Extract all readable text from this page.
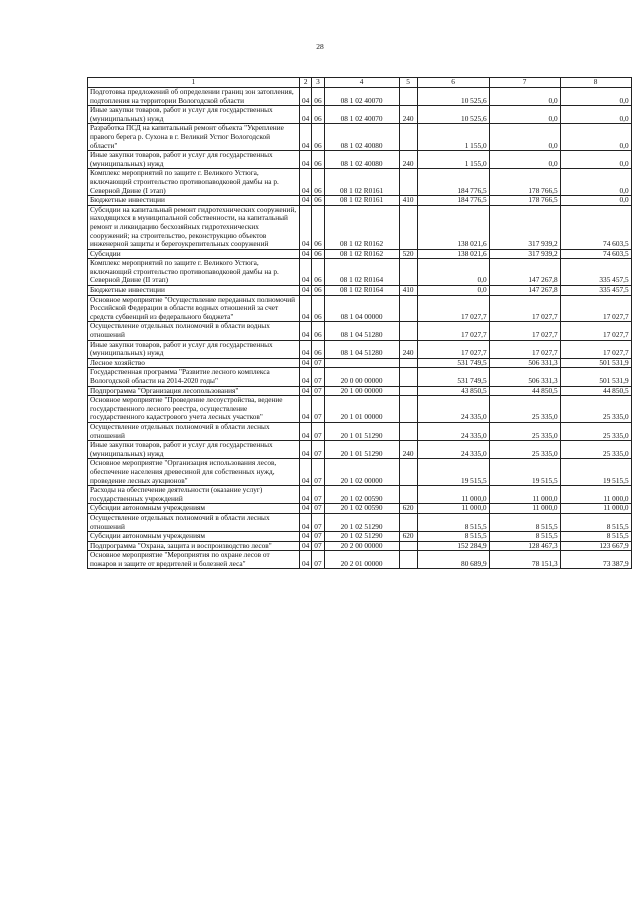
28
1	2	3	4	5	6	7	8
Подготовка предложений об определении границ зон затопления, подтопления на территории Вологодской области	04	06	08 1 02 40070		10 525,6	0,0	0,0
Иные закупки товаров, работ и услуг для государственных (муниципальных) нужд	04	06	08 1 02 40070	240	10 525,6	0,0	0,0
Разработка ПСД на капитальный ремонт объекта "Укрепление правого берега р. Сухона в г. Великий Устюг Вологодской области"	04	06	08 1 02 40080		1 155,0	0,0	0,0
Иные закупки товаров, работ и услуг для государственных (муниципальных) нужд	04	06	08 1 02 40080	240	1 155,0	0,0	0,0
Комплекс мероприятий по защите г. Великого Устюга, включающий строительство противопаводковой дамбы на р. Северной Двине (I этап)	04	06	08 1 02 R0161		184 776,5	178 766,5	0,0
Бюджетные инвестиции	04	06	08 1 02 R0161	410	184 776,5	178 766,5	0,0
Субсидии на капитальный ремонт гидротехнических сооружений, находящихся в муниципальной собственности, на капитальный ремонт и ликвидацию бесхозяйных гидротехнических сооружений; на строительство, реконструкцию объектов инженерной защиты и берегоукрепительных сооружений	04	06	08 1 02 R0162		138 021,6	317 939,2	74 603,5
Субсидии	04	06	08 1 02 R0162	520	138 021,6	317 939,2	74 603,5
Комплекс мероприятий по защите г. Великого Устюга, включающий строительство противопаводковой дамбы на р. Северной Двине (II этап)	04	06	08 1 02 R0164		0,0	147 267,8	335 457,5
Бюджетные инвестиции	04	06	08 1 02 R0164	410	0,0	147 267,8	335 457,5
Основное мероприятие "Осуществление переданных полномочий Российской Федерации в области водных отношений за счет средств субвенций из федерального бюджета"	04	06	08 1 04 00000		17 027,7	17 027,7	17 027,7
Осуществление отдельных полномочий в области водных отношений	04	06	08 1 04 51280		17 027,7	17 027,7	17 027,7
Иные закупки товаров, работ и услуг для государственных (муниципальных) нужд	04	06	08 1 04 51280	240	17 027,7	17 027,7	17 027,7
Лесное хозяйство	04	07			531 749,5	506 331,3	501 531,9
Государственная программа "Развитие лесного комплекса Вологодской области на 2014-2020 годы"	04	07	20 0 00 00000		531 749,5	506 331,3	501 531,9
Подпрограмма "Организация лесопользования"	04	07	20 1 00 00000		43 850,5	44 850,5	44 850,5
Основное мероприятие "Проведение лесоустройства, ведение государственного лесного реестра, осуществление государственного кадастрового учета лесных участков"	04	07	20 1 01 00000		24 335,0	25 335,0	25 335,0
Осуществление отдельных полномочий в области лесных отношений	04	07	20 1 01 51290		24 335,0	25 335,0	25 335,0
Иные закупки товаров, работ и услуг для государственных (муниципальных) нужд	04	07	20 1 01 51290	240	24 335,0	25 335,0	25 335,0
Основное мероприятие "Организация использования лесов, обеспечение населения древесиной для собственных нужд, проведение лесных аукционов"	04	07	20 1 02 00000		19 515,5	19 515,5	19 515,5
Расходы на обеспечение деятельности (оказание услуг) государственных учреждений	04	07	20 1 02 00590		11 000,0	11 000,0	11 000,0
Субсидии автономным учреждениям	04	07	20 1 02 00590	620	11 000,0	11 000,0	11 000,0
Осуществление отдельных полномочий в области лесных отношений	04	07	20 1 02 51290		8 515,5	8 515,5	8 515,5
Субсидии автономным учреждениям	04	07	20 1 02 51290	620	8 515,5	8 515,5	8 515,5
Подпрограмма "Охрана, защита и воспроизводство лесов"	04	07	20 2 00 00000		152 284,9	128 467,3	123 667,9
Основное мероприятие "Мероприятия по охране лесов от пожаров и защите от вредителей и болезней леса"	04	07	20 2 01 00000		80 689,9	78 151,3	73 387,9
